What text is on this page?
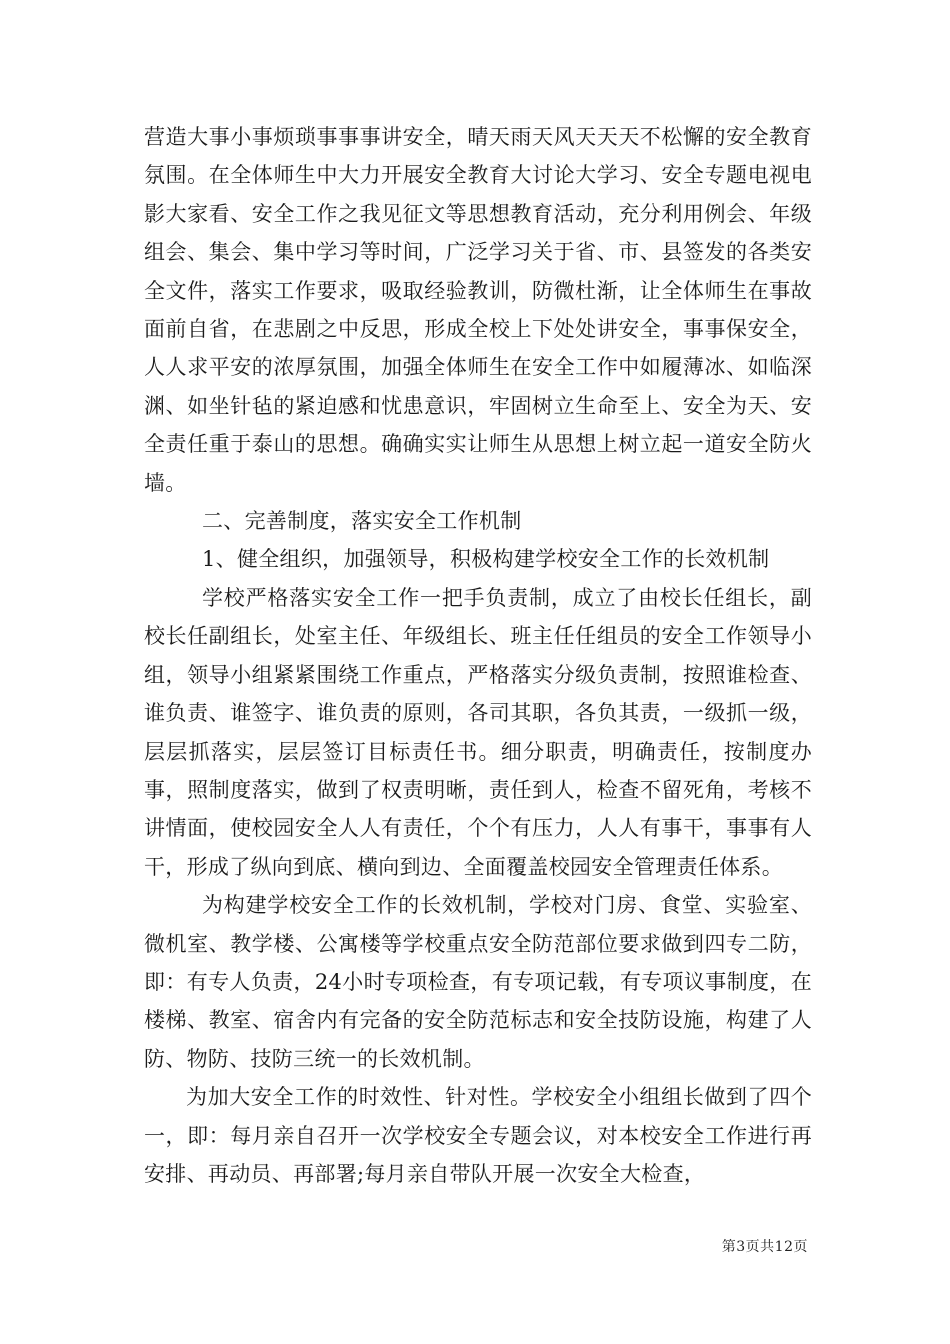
营造大事小事烦琐事事事讲安全，晴天雨天风天天天不松懈的安全教育氛围。在全体师生中大力开展安全教育大讨论大学习、安全专题电视电影大家看、安全工作之我见征文等思想教育活动，充分利用例会、年级组会、集会、集中学习等时间，广泛学习关于省、市、县签发的各类安全文件，落实工作要求，吸取经验教训，防微杜渐，让全体师生在事故面前自省，在悲剧之中反思，形成全校上下处处讲安全，事事保安全，人人求平安的浓厚氛围，加强全体师生在安全工作中如履薄冰、如临深渊、如坐针毡的紧迫感和忧患意识，牢固树立生命至上、安全为天、安全责任重于泰山的思想。确确实实让师生从思想上树立起一道安全防火墙。

二、完善制度，落实安全工作机制

1、健全组织，加强领导，积极构建学校安全工作的长效机制

学校严格落实安全工作一把手负责制，成立了由校长任组长，副校长任副组长，处室主任、年级组长、班主任任组员的安全工作领导小组，领导小组紧紧围绕工作重点，严格落实分级负责制，按照谁检查、谁负责、谁签字、谁负责的原则，各司其职，各负其责，一级抓一级，层层抓落实，层层签订目标责任书。细分职责，明确责任，按制度办事，照制度落实，做到了权责明晰，责任到人，检查不留死角，考核不讲情面，使校园安全人人有责任，个个有压力，人人有事干，事事有人干，形成了纵向到底、横向到边、全面覆盖校园安全管理责任体系。

为构建学校安全工作的长效机制，学校对门房、食堂、实验室、微机室、教学楼、公寓楼等学校重点安全防范部位要求做到四专二防，即：有专人负责，24小时专项检查，有专项记载，有专项议事制度，在楼梯、教室、宿舍内有完备的安全防范标志和安全技防设施，构建了人防、物防、技防三统一的长效机制。

为加大安全工作的时效性、针对性。学校安全小组组长做到了四个一，即：每月亲自召开一次学校安全专题会议，对本校安全工作进行再安排、再动员、再部署;每月亲自带队开展一次安全大检查，

第3页共12页
